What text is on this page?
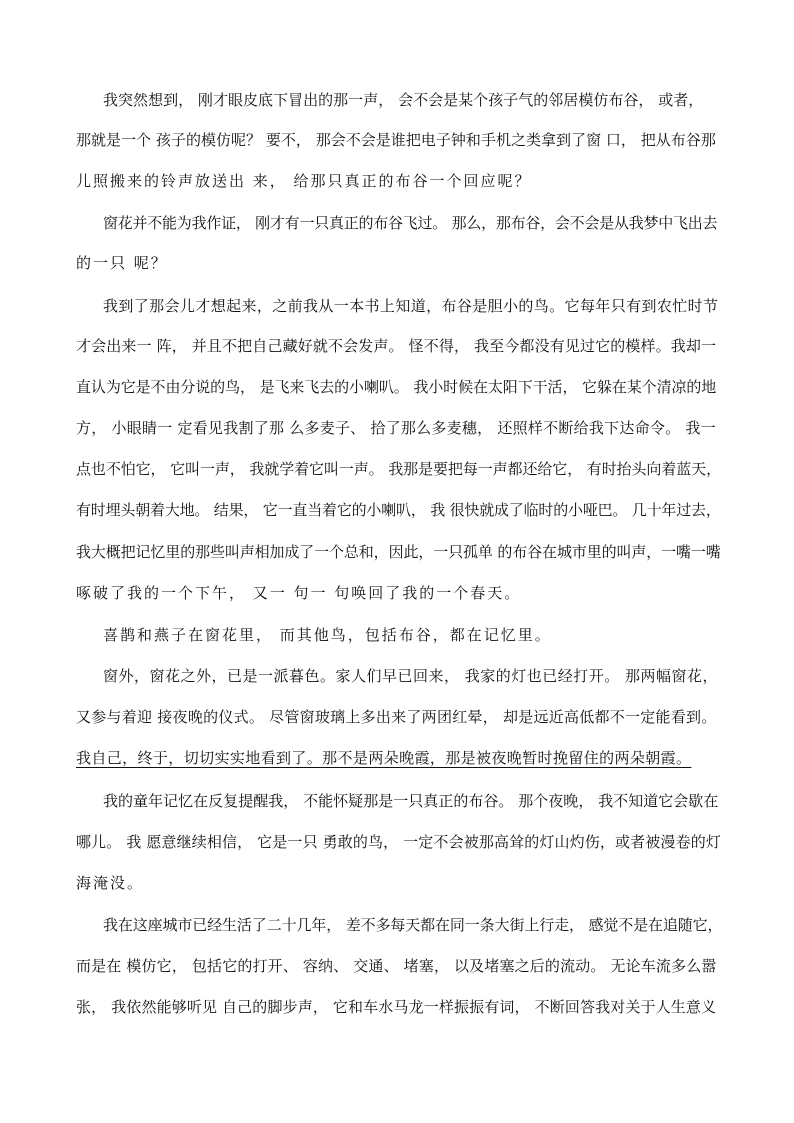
我突然想到， 刚才眼皮底下冒出的那一声， 会不会是某个孩子气的邻居模仿布谷， 或者，
那就是一个 孩子的模仿呢？ 要不， 那会不会是谁把电子钟和手机之类拿到了窗 口， 把从布谷那
儿照搬来的铃声放送出 来， 给那只真正的布谷一个回应呢？
窗花并不能为我作证， 刚才有一只真正的布谷飞过。 那么，那布谷，会不会是从我梦中飞出去
的一只 呢？
我到了那会儿才想起来，之前我从一本书上知道，布谷是胆小的鸟。它每年只有到农忙时节
才会出来一 阵， 并且不把自己藏好就不会发声。 怪不得， 我至今都没有见过它的模样。我却一
直认为它是不由分说的鸟， 是飞来飞去的小喇叭。 我小时候在太阳下干活， 它躲在某个清凉的地
方， 小眼睛一 定看见我割了那 么多麦子、 拾了那么多麦穗， 还照样不断给我下达命令。 我一
点也不怕它， 它叫一声， 我就学着它叫一声。 我那是要把每一声都还给它， 有时抬头向着蓝天，
有时埋头朝着大地。 结果， 它一直当着它的小喇叭， 我 很快就成了临时的小哑巴。 几十年过去，
我大概把记忆里的那些叫声相加成了一个总和，因此，一只孤单 的布谷在城市里的叫声，一嘴一嘴
啄破了我的一个下午， 又一 句一 句唤回了我的一个春天。
喜鹊和燕子在窗花里， 而其他鸟，包括布谷，都在记忆里。
窗外，窗花之外，已是一派暮色。家人们早已回来， 我家的灯也已经打开。 那两幅窗花，
又参与着迎 接夜晚的仪式。 尽管窗玻璃上多出来了两团红晕， 却是远近高低都不一定能看到。
我自己，终于，切切实实地看到了。那不是两朵晚霞，那是被夜晚暂时挽留住的两朵朝霞。
我的童年记忆在反复提醒我， 不能怀疑那是一只真正的布谷。 那个夜晚， 我不知道它会歇在
哪儿。 我 愿意继续相信， 它是一只 勇敢的鸟， 一定不会被那高耸的灯山灼伤，或者被漫卷的灯
海淹没。
我在这座城市已经生活了二十几年， 差不多每天都在同一条大街上行走， 感觉不是在追随它，
而是在 模仿它， 包括它的打开、 容纳、 交通、 堵塞， 以及堵塞之后的流动。 无论车流多么嚣
张， 我依然能够听见 自己的脚步声， 它和车水马龙一样振振有词， 不断回答我对关于人生意义
